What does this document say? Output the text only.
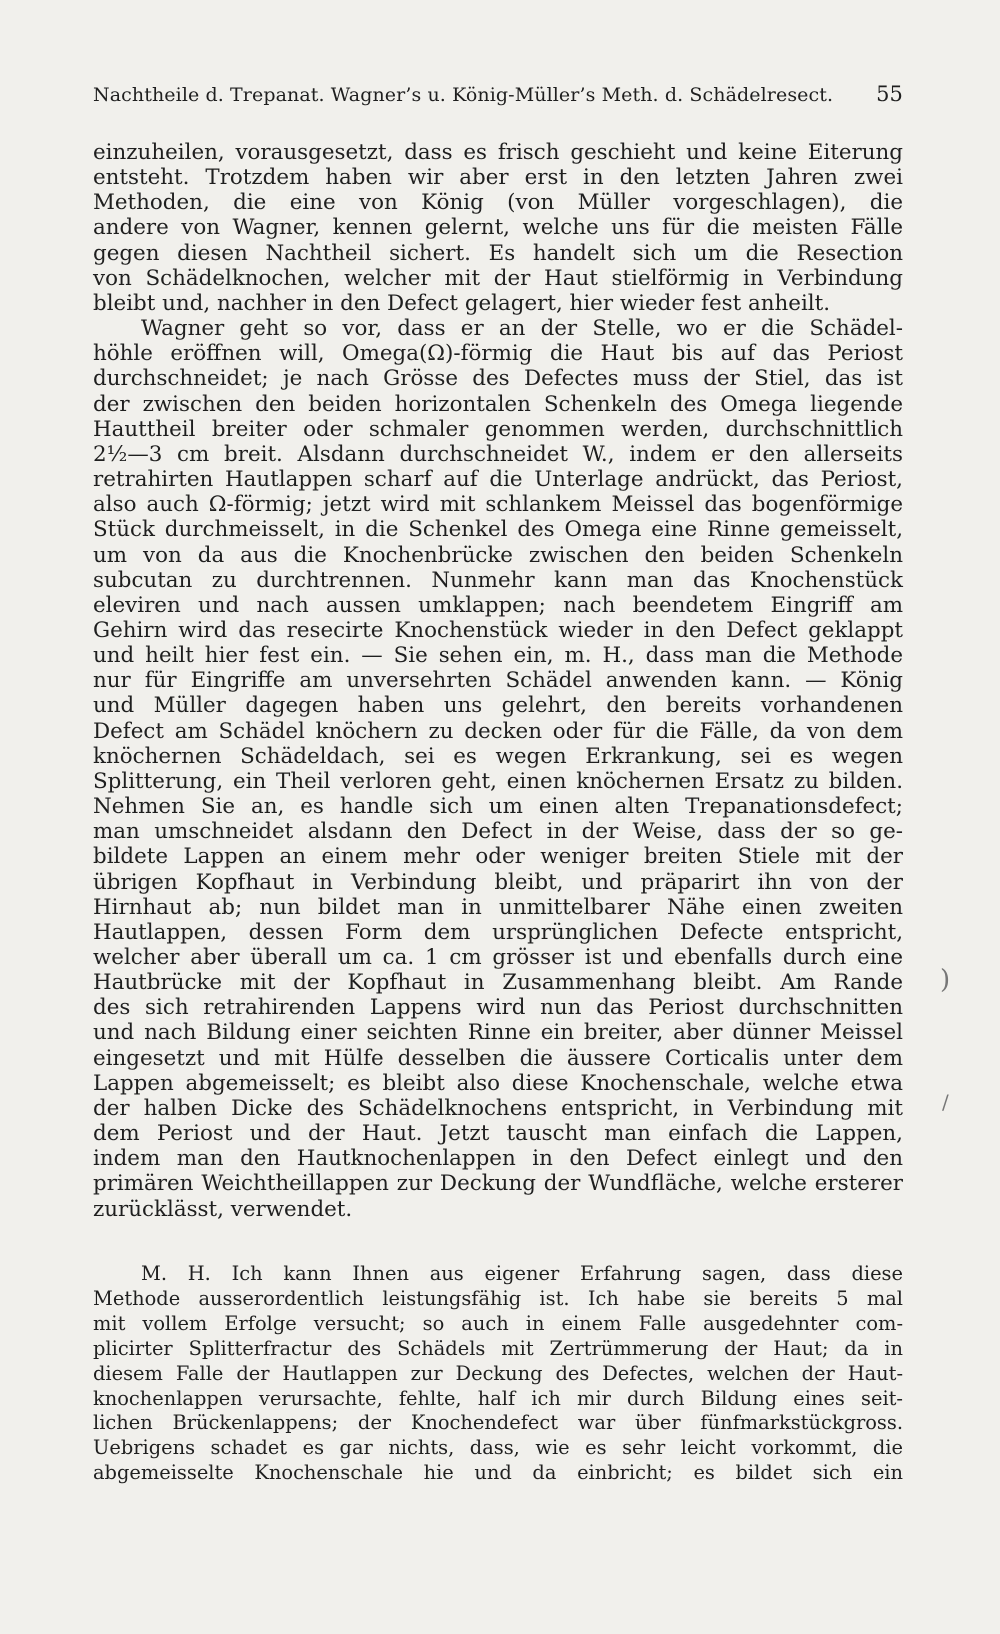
Nachtheile d. Trepanat. Wagner’s u. König-Müller’s Meth. d. Schädelresect. 55
einzuheilen, vorausgesetzt, dass es frisch geschieht und keine Eiterung
entsteht. Trotzdem haben wir aber erst in den letzten Jahren zwei
Methoden, die eine von König (von Müller vorgeschlagen), die
andere von Wagner, kennen gelernt, welche uns für die meisten Fälle
gegen diesen Nachtheil sichert. Es handelt sich um die Resection
von Schädelknochen, welcher mit der Haut stielförmig in Verbindung
bleibt und, nachher in den Defect gelagert, hier wieder fest anheilt.
Wagner geht so vor, dass er an der Stelle, wo er die Schädel-
höhle eröffnen will, Omega(Ω)-förmig die Haut bis auf das Periost
durchschneidet; je nach Grösse des Defectes muss der Stiel, das ist
der zwischen den beiden horizontalen Schenkeln des Omega liegende
Hauttheil breiter oder schmaler genommen werden, durchschnittlich
2½—3 cm breit. Alsdann durchschneidet W., indem er den allerseits
retrahirten Hautlappen scharf auf die Unterlage andrückt, das Periost,
also auch Ω-förmig; jetzt wird mit schlankem Meissel das bogenförmige
Stück durchmeisselt, in die Schenkel des Omega eine Rinne gemeisselt,
um von da aus die Knochenbrücke zwischen den beiden Schenkeln
subcutan zu durchtrennen. Nunmehr kann man das Knochenstück
eleviren und nach aussen umklappen; nach beendetem Eingriff am
Gehirn wird das resecirte Knochenstück wieder in den Defect geklappt
und heilt hier fest ein. — Sie sehen ein, m. H., dass man die Methode
nur für Eingriffe am unversehrten Schädel anwenden kann. — König
und Müller dagegen haben uns gelehrt, den bereits vorhandenen
Defect am Schädel knöchern zu decken oder für die Fälle, da von dem
knöchernen Schädeldach, sei es wegen Erkrankung, sei es wegen
Splitterung, ein Theil verloren geht, einen knöchernen Ersatz zu bilden.
Nehmen Sie an, es handle sich um einen alten Trepanationsdefect;
man umschneidet alsdann den Defect in der Weise, dass der so ge-
bildete Lappen an einem mehr oder weniger breiten Stiele mit der
übrigen Kopfhaut in Verbindung bleibt, und präparirt ihn von der
Hirnhaut ab; nun bildet man in unmittelbarer Nähe einen zweiten
Hautlappen, dessen Form dem ursprünglichen Defecte entspricht,
welcher aber überall um ca. 1 cm grösser ist und ebenfalls durch eine
Hautbrücke mit der Kopfhaut in Zusammenhang bleibt. Am Rande
des sich retrahirenden Lappens wird nun das Periost durchschnitten
und nach Bildung einer seichten Rinne ein breiter, aber dünner Meissel
eingesetzt und mit Hülfe desselben die äussere Corticalis unter dem
Lappen abgemeisselt; es bleibt also diese Knochenschale, welche etwa
der halben Dicke des Schädelknochens entspricht, in Verbindung mit
dem Periost und der Haut. Jetzt tauscht man einfach die Lappen,
indem man den Hautknochenlappen in den Defect einlegt und den
primären Weichtheillappen zur Deckung der Wundfläche, welche ersterer
zurücklässt, verwendet.
M. H. Ich kann Ihnen aus eigener Erfahrung sagen, dass diese
Methode ausserordentlich leistungsfähig ist. Ich habe sie bereits 5 mal
mit vollem Erfolge versucht; so auch in einem Falle ausgedehnter com-
plicirter Splitterfractur des Schädels mit Zertrümmerung der Haut; da in
diesem Falle der Hautlappen zur Deckung des Defectes, welchen der Haut-
knochenlappen verursachte, fehlte, half ich mir durch Bildung eines seit-
lichen Brückenlappens; der Knochendefect war über fünfmarkstückgross.
Uebrigens schadet es gar nichts, dass, wie es sehr leicht vorkommt, die
abgemeisselte Knochenschale hie und da einbricht; es bildet sich ein
)
/
